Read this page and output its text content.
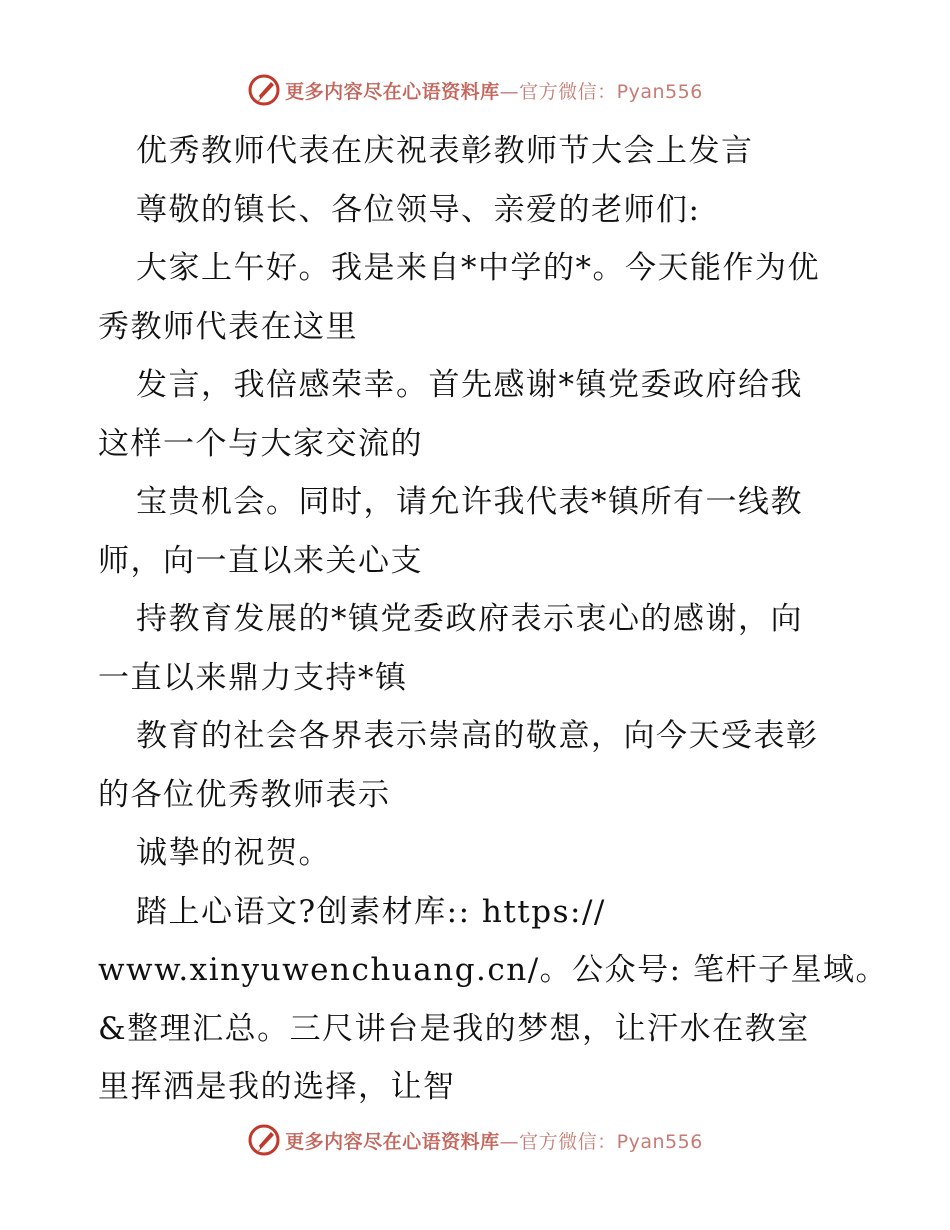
更多内容尽在心语资料库—官方微信：Pyan556

优秀教师代表在庆祝表彰教师节大会上发言

尊敬的镇长、各位领导、亲爱的老师们:

大家上午好。我是来自*中学的*。今天能作为优

秀教师代表在这里

发言，我倍感荣幸。首先感谢*镇党委政府给我

这样一个与大家交流的

宝贵机会。同时，请允许我代表*镇所有一线教

师，向一直以来关心支

持教育发展的*镇党委政府表示衷心的感谢，向

一直以来鼎力支持*镇

教育的社会各界表示崇高的敬意，向今天受表彰

的各位优秀教师表示

诚挚的祝贺。

踏上心语文?创素材库:: https://

www.xinyuwenchuang.cn/。公众号: 笔杆子星域。

&整理汇总。三尺讲台是我的梦想，让汗水在教室

里挥洒是我的选择，让智

更多内容尽在心语资料库—官方微信：Pyan556
